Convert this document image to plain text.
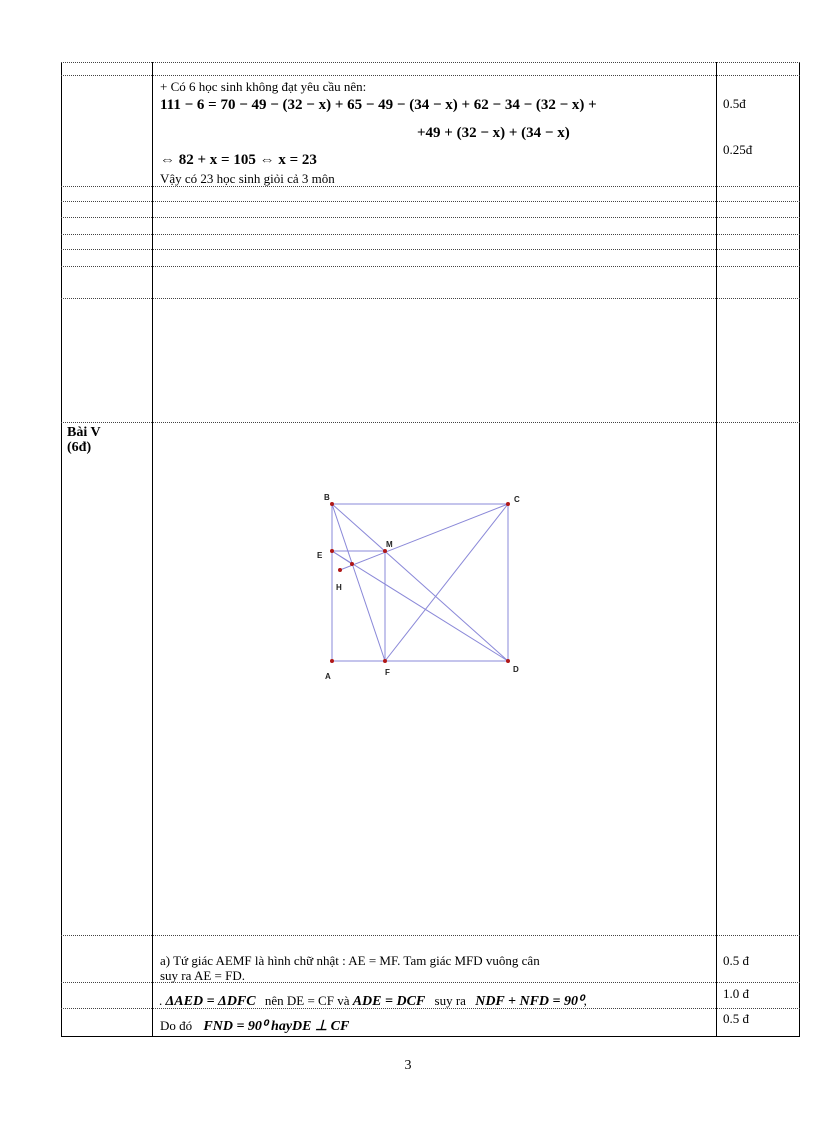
+ Có 6 học sinh không đạt yêu cầu nên:
111 − 6 = 70 − 49 − (32 − x) + 65 − 49 − (34 − x) + 62 − 34 − (32 − x) +
+49 + (32 − x) + (34 − x)
⇔ 82 + x = 105 ⇔ x = 23
Vậy có 23 học sinh giỏi cả 3 môn
0.5đ
0.25đ
Bài V
(6đ)
B	C
D
A
E
M
F
H
a) Tứ giác AEMF là hình chữ nhật : AE = MF. Tam giác MFD vuông cân
suy ra AE = FD.
0.5 đ
. ΔAED = ΔDFC nên DE = CF và ADE = DCF suy ra NDF + NFD = 90⁰,	1.0 đ
Do đó FND = 90⁰ hayDE ⊥ CF
0.5 đ
3
